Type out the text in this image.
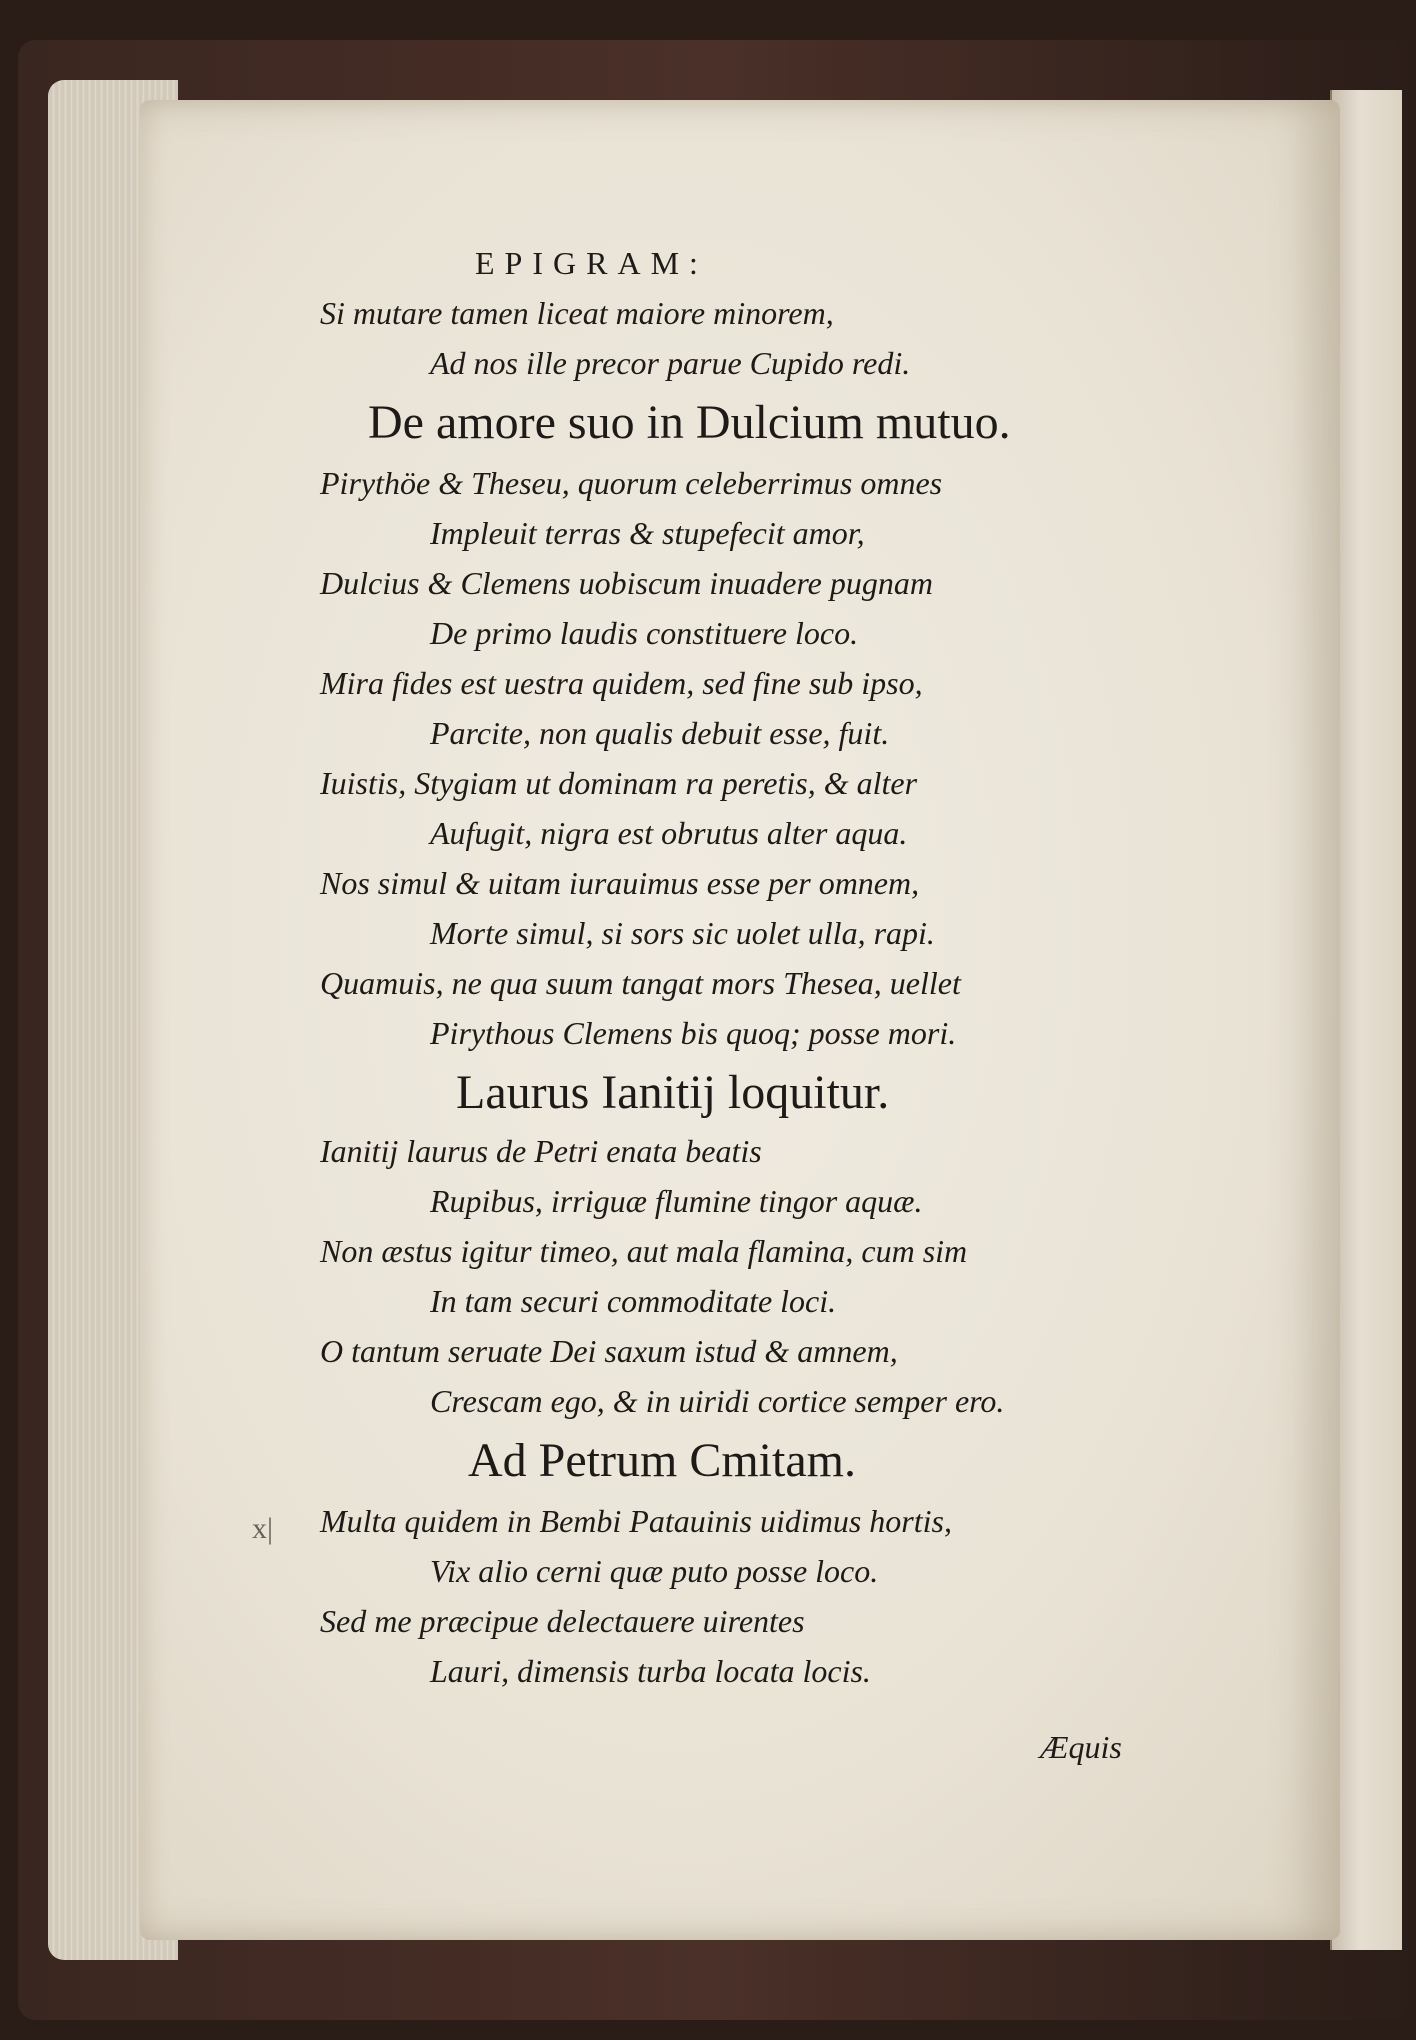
x|
EPIGRAM:
Si mutare tamen liceat maiore minorem,
Ad nos ille precor parue Cupido redi.
De amore suo in Dulcium mutuo.
Pirythöe & Theseu, quorum celeberrimus omnes
Impleuit terras & stupefecit amor,
Dulcius & Clemens uobiscum inuadere pugnam
De primo laudis constituere loco.
Mira fides est uestra quidem, sed fine sub ipso,
Parcite, non qualis debuit esse, fuit.
Iuistis, Stygiam ut dominam ra peretis, & alter
Aufugit, nigra est obrutus alter aqua.
Nos simul & uitam iurauimus esse per omnem,
Morte simul, si sors sic uolet ulla, rapi.
Quamuis, ne qua suum tangat mors Thesea, uellet
Pirythous Clemens bis quoq; posse mori.
Laurus Ianitij loquitur.
Ianitij laurus de Petri enata beatis
Rupibus, irriguæ flumine tingor aquæ.
Non æstus igitur timeo, aut mala flamina, cum sim
In tam securi commoditate loci.
O tantum seruate Dei saxum istud & amnem,
Crescam ego, & in uiridi cortice semper ero.
Ad Petrum Cmitam.
Multa quidem in Bembi Patauinis uidimus hortis,
Vix alio cerni quæ puto posse loco.
Sed me præcipue delectauere uirentes
Lauri, dimensis turba locata locis.
Æquis
